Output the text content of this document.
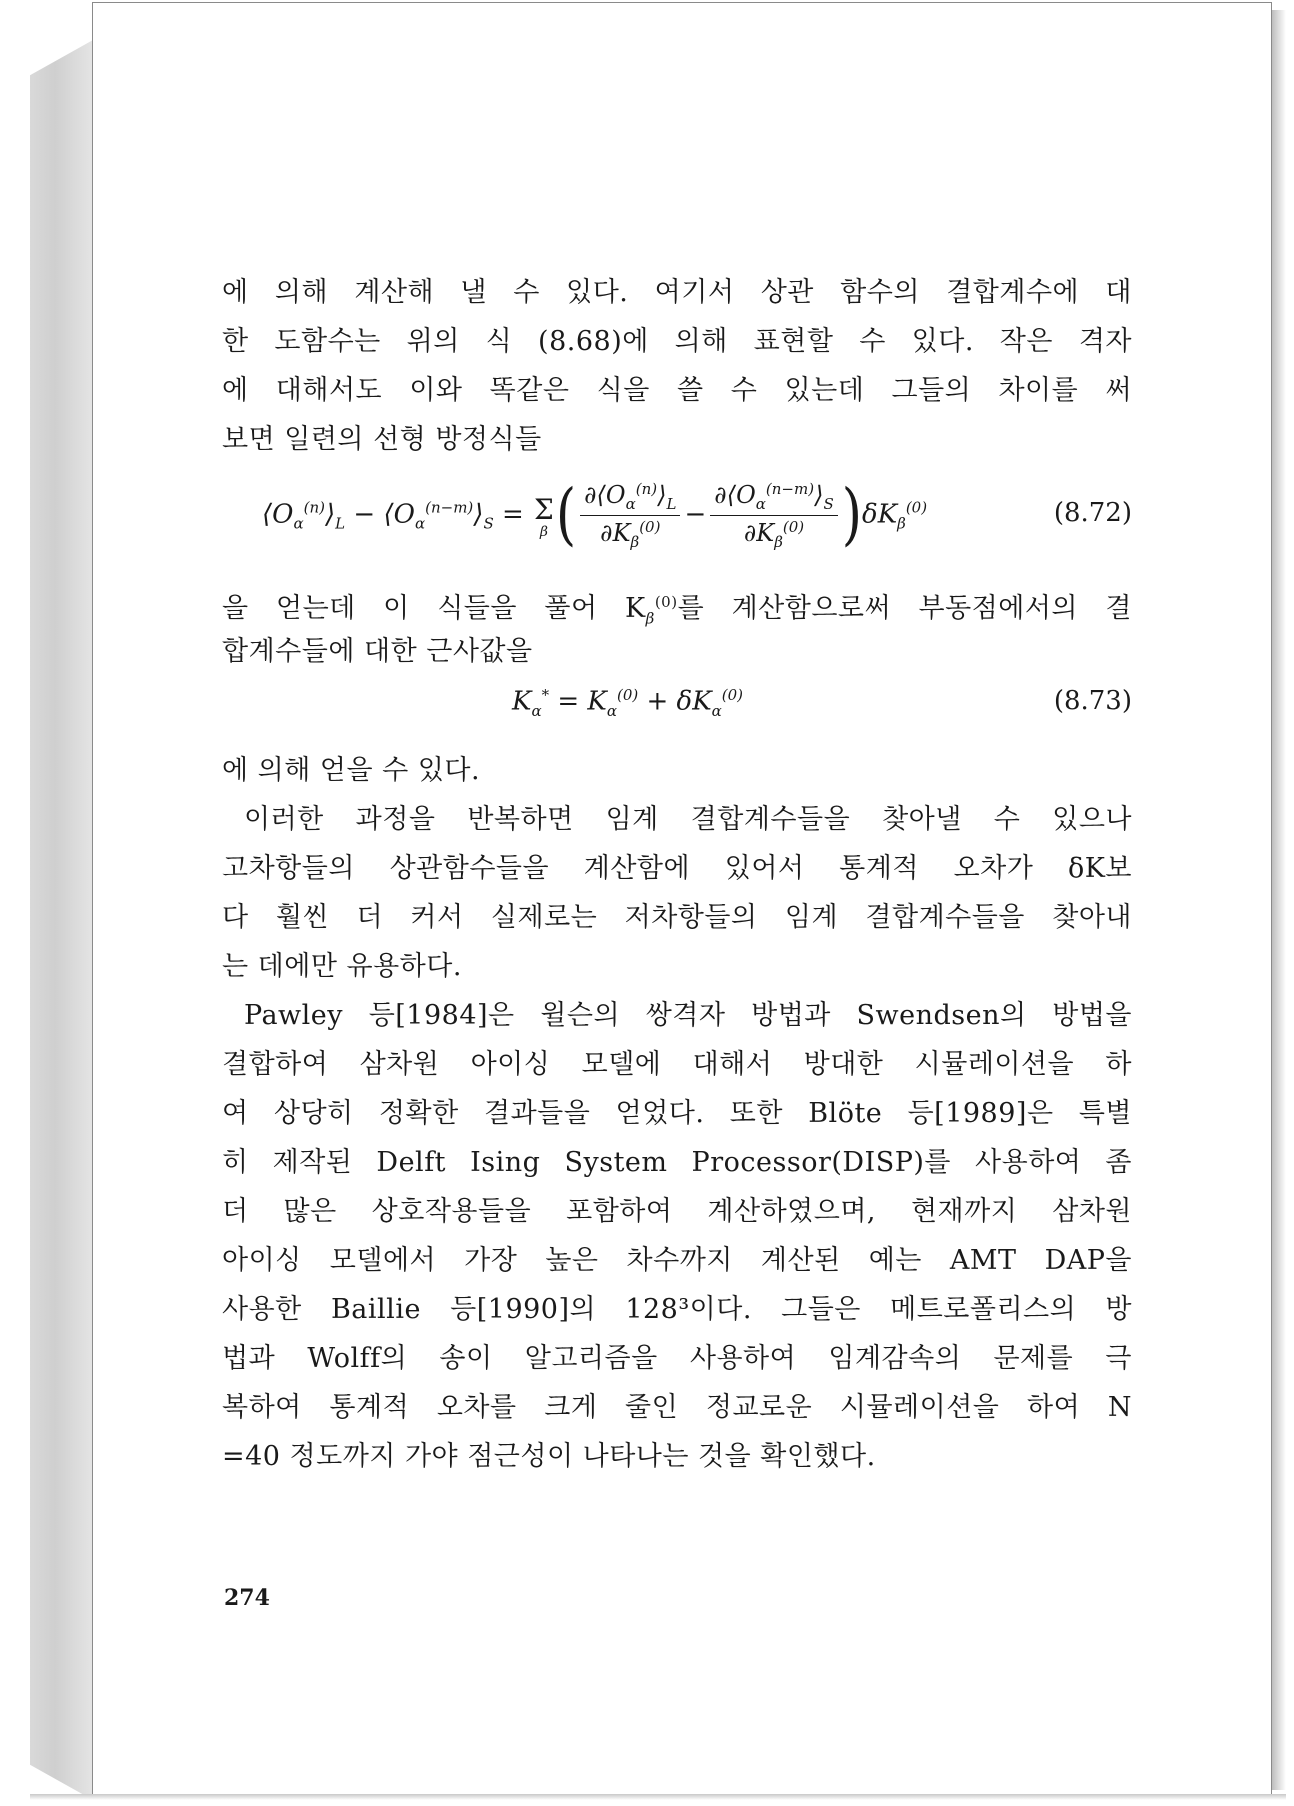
에 의해 계산해 낼 수 있다. 여기서 상관 함수의 결합계수에 대
한 도함수는 위의 식 (8.68)에 의해 표현할 수 있다. 작은 격자
에 대해서도 이와 똑같은 식을 쓸 수 있는데 그들의 차이를 써
보면 일련의 선형 방정식들
$⟨O_\alpha^{(n)}⟩_L$ − $⟨O_\alpha^{(n-m)}⟩_S = \Sigma$
β ( $\frac{\partial⟨O_\alpha^{(n)}⟩_L}{\partial K_\beta^{(0)}} - \frac{\partial⟨O_\alpha^{(n-m)}⟩_S}{\partial K_\beta^{(0)}} )\delta K_\beta^{(0)}$	(8.72)
을 얻는데 이 식들을 풀어 $K_\beta^{(0)}$를 계산함으로써 부동점에서의 결
합계수들에 대한 근사값을
$K_\alpha^* = K_\alpha^{(0)} + \delta K_\alpha^{(0)}$	(8.73)
에 의해 얻을 수 있다.
이러한 과정을 반복하면 임계 결합계수들을 찾아낼 수 있으나
고차항들의 상관함수들을 계산함에 있어서 통계적 오차가 δK보
다 훨씬 더 커서 실제로는 저차항들의 임계 결합계수들을 찾아내
는 데에만 유용하다.
Pawley 등[1984]은 윌슨의 쌍격자 방법과 Swendsen의 방법을
결합하여 삼차원 아이싱 모델에 대해서 방대한 시뮬레이션을 하
여 상당히 정확한 결과들을 얻었다. 또한 Blöte 등[1989]은 특별
히 제작된 Delft Ising System Processor(DISP)를 사용하여 좀
더 많은 상호작용들을 포함하여 계산하였으며, 현재까지 삼차원
아이싱 모델에서 가장 높은 차수까지 계산된 예는 AMT DAP을
사용한 Baillie 등[1990]의 128³이다. 그들은 메트로폴리스의 방
법과 Wolff의 송이 알고리즘을 사용하여 임계감속의 문제를 극
복하여 통계적 오차를 크게 줄인 정교로운 시뮬레이션을 하여 N
=40 정도까지 가야 점근성이 나타나는 것을 확인했다.
274
